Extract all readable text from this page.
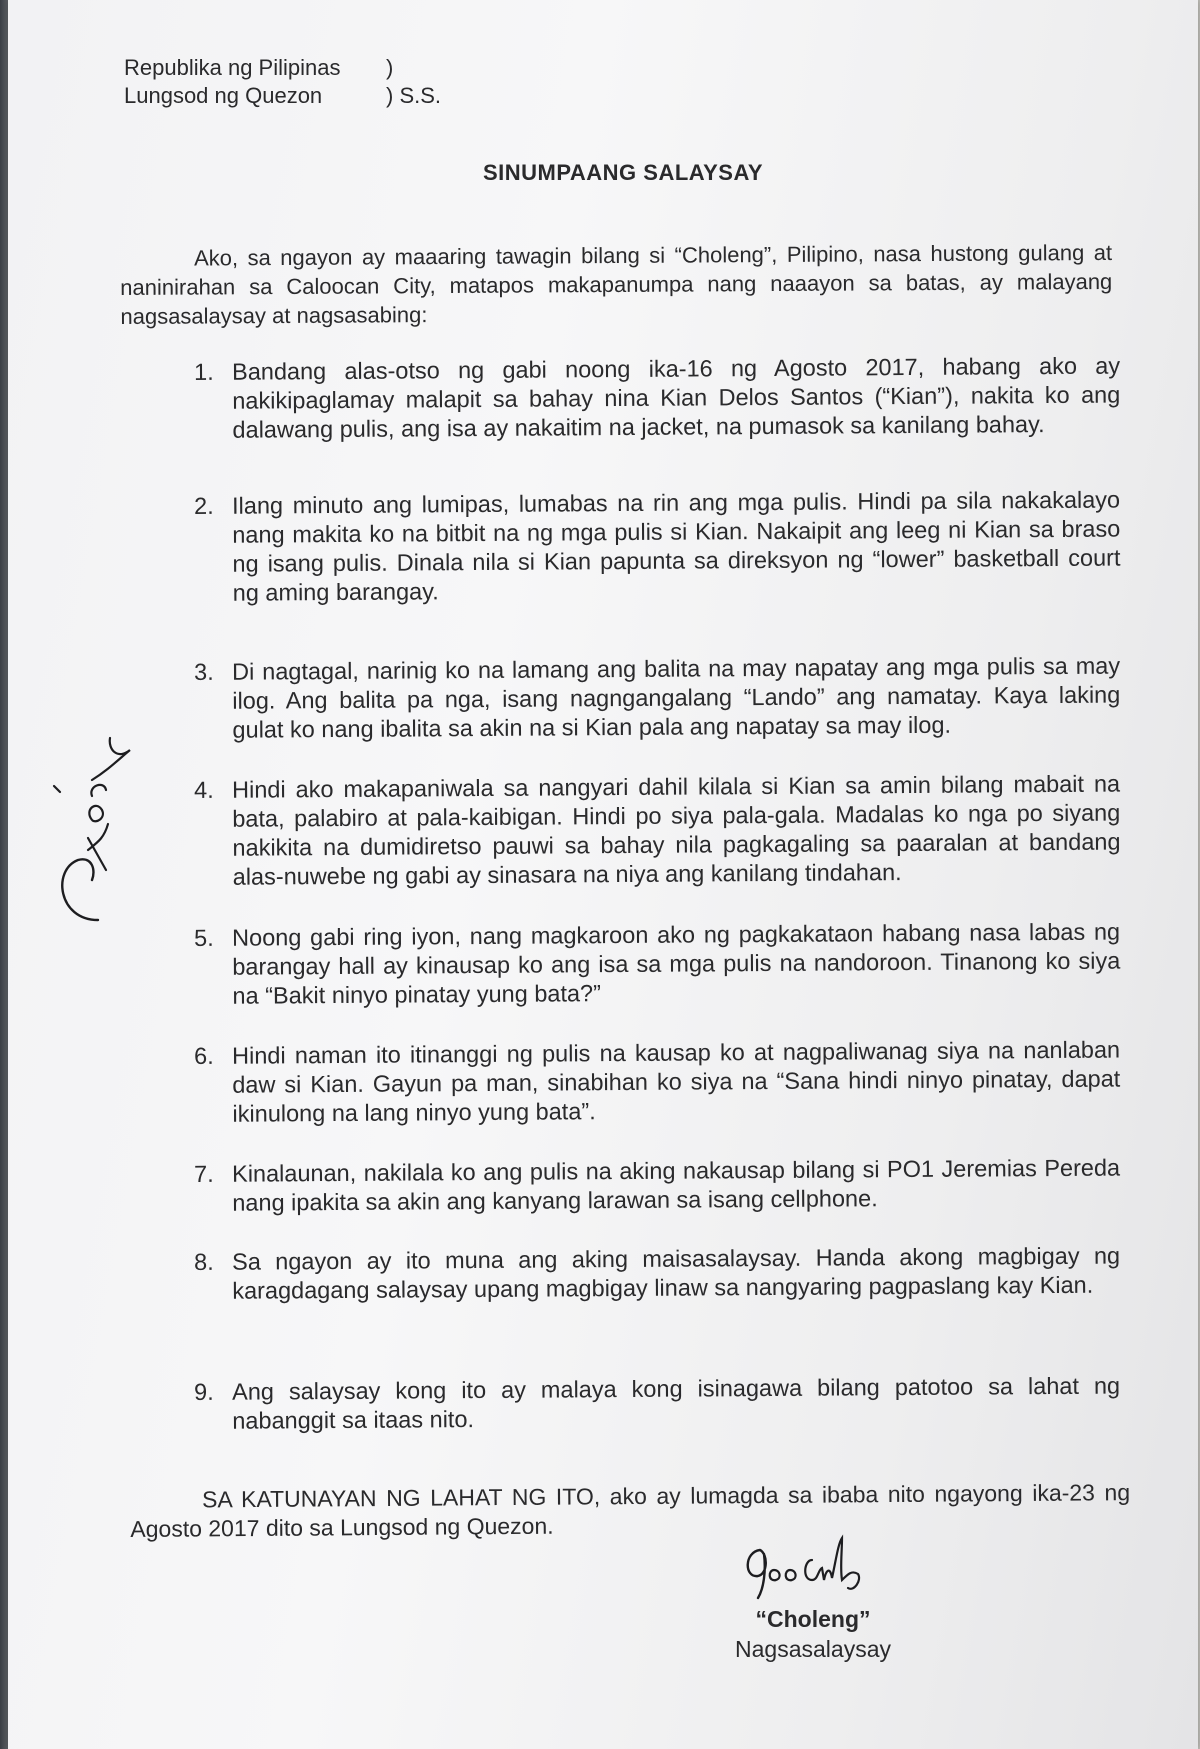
Republika ng Pilipinas	)
Lungsod ng Quezon	) S.S.
SINUMPAANG SALAYSAY
Ako, sa ngayon ay maaaring tawagin bilang si “Choleng”, Pilipino, nasa hustong gulang at naninirahan sa Caloocan City, matapos makapanumpa nang naaayon sa batas, ay malayang nagsasalaysay at nagsasabing:
1. Bandang alas-otso ng gabi noong ika-16 ng Agosto 2017, habang ako ay nakikipaglamay malapit sa bahay nina Kian Delos Santos (“Kian”), nakita ko ang dalawang pulis, ang isa ay nakaitim na jacket, na pumasok sa kanilang bahay.
2. Ilang minuto ang lumipas, lumabas na rin ang mga pulis. Hindi pa sila nakakalayo nang makita ko na bitbit na ng mga pulis si Kian. Nakaipit ang leeg ni Kian sa braso ng isang pulis. Dinala nila si Kian papunta sa direksyon ng “lower” basketball court ng aming barangay.
3. Di nagtagal, narinig ko na lamang ang balita na may napatay ang mga pulis sa may ilog. Ang balita pa nga, isang nagngangalang “Lando” ang namatay. Kaya laking gulat ko nang ibalita sa akin na si Kian pala ang napatay sa may ilog.
4. Hindi ako makapaniwala sa nangyari dahil kilala si Kian sa amin bilang mabait na bata, palabiro at pala-kaibigan. Hindi po siya pala-gala. Madalas ko nga po siyang nakikita na dumidiretso pauwi sa bahay nila pagkagaling sa paaralan at bandang alas-nuwebe ng gabi ay sinasara na niya ang kanilang tindahan.
5. Noong gabi ring iyon, nang magkaroon ako ng pagkakataon habang nasa labas ng barangay hall ay kinausap ko ang isa sa mga pulis na nandoroon. Tinanong ko siya na “Bakit ninyo pinatay yung bata?”
6. Hindi naman ito itinanggi ng pulis na kausap ko at nagpaliwanag siya na nanlaban daw si Kian. Gayun pa man, sinabihan ko siya na “Sana hindi ninyo pinatay, dapat ikinulong na lang ninyo yung bata”.
7. Kinalaunan, nakilala ko ang pulis na aking nakausap bilang si PO1 Jeremias Pereda nang ipakita sa akin ang kanyang larawan sa isang cellphone.
8. Sa ngayon ay ito muna ang aking maisasalaysay. Handa akong magbigay ng karagdagang salaysay upang magbigay linaw sa nangyaring pagpaslang kay Kian.
9. Ang salaysay kong ito ay malaya kong isinagawa bilang patotoo sa lahat ng nabanggit sa itaas nito.
SA KATUNAYAN NG LAHAT NG ITO, ako ay lumagda sa ibaba nito ngayong ika-23 ng Agosto 2017 dito sa Lungsod ng Quezon.
“Choleng”
Nagsasalaysay
